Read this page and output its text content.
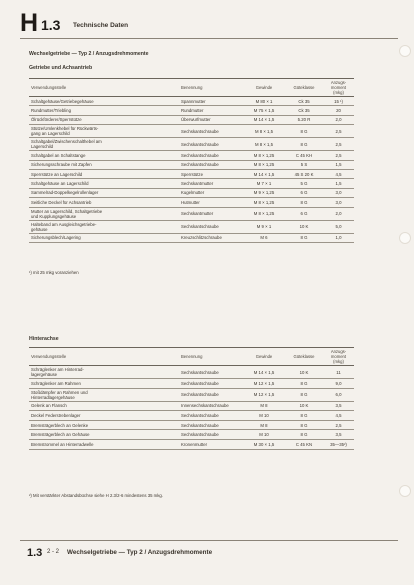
H 1.3 Technische Daten
Wechselgetriebe — Typ 2 / Anzugsdrehmomente
Getriebe und Achsantrieb
Verwendungsstelle	Benennung	Gewinde	Güteklasse	Anzugs-
moment
(mkg)
Schaltgehäuse/Getriebegehäuse	Spannmutter	M 80 × 1	Ck 35	15 ¹)
Rundmutter/Triebling	Rundmutter	M 75 × 1,5	Ck 35	20
Ölrückförderer/Sperrstütze	Überwurfmutter	M 14 × 1,5	5.20 R	2,0
Stütze/Umlenkhebel für Rückwärts-
gang an Lagerschild	Sechskantschraube	M 8 × 1,5	8 G	2,5
Schaltgabel/Zwischenschalthebel am
Lagerschild	Sechskantschraube	M 8 × 1,5	8 G	2,5
Schaltgabel an Schaltstange	Sechskantschraube	M 8 × 1,25	C 45 KH	2,5
Sicherungsschraube mit Zapfen	Sechskantschraube	M 8 × 1,25	5 S	1,5
Sperrstütze an Lagerschild	Sperrstütze	M 14 × 1,5	45 S 20 K	4,5
Schaltgehäuse an Lagerschild	Sechskantmutter	M 7 × 1	5 G	1,5
Sammelrad-Doppelkegelrollenlager	Kugelmutter	M 9 × 1,25	6 G	3,0
Seitliche Deckel für Achsantrieb	Hutmutter	M 8 × 1,25	8 G	3,0
Mutter an Lagerschild, Schaltgetriebe
und Kupplungsgehäuse	Sechskantmutter	M 8 × 1,25	6 G	2,0
Halteband am Ausgleichsgetriebe-
gehäuse	Sechskantschraube	M 9 × 1	10 K	5,0
Sicherungsblech/Lagering	Kreuzschlitzschraube	M 6	8 G	1,0
¹) mit 25 mkg voranziehen
Hinterachse
Verwendungsstelle	Benennung	Gewinde	Güteklasse	Anzugs-
moment
(mkg)
Schräglenker am Hinterrad-
lagergehäuse	Sechskantschraube	M 14 × 1,5	10 K	11
Schräglenker am Rahmen	Sechskantschraube	M 12 × 1,5	8 G	9,0
Stoßdämpfer an Rahmen und
Hinterradlagergehäuse	Sechskantschraube	M 12 × 1,5	8 G	6,0
Gelenk an Flansch	Innensechskantschraube	M 8	10 K	3,5
Deckel Federstrebenlager	Sechskantschraube	M 10	8 G	4,5
Bremsträgerblech an Gelenke	Sechskantschraube	M 8	8 G	2,5
Bremsträgerblech an Gehäuse	Sechskantschraube	M 10	8 G	3,5
Bremstrommel an Hinterradwelle	Kronenmutter	M 30 × 1,5	C 45 KN	35—35²)
²) Mit verstärkter Abstandsbüchse siehe H 2.3/2-6 mindestens 35 mkg.
1.3 2 - 2 Wechselgetriebe — Typ 2 / Anzugsdrehmomente
